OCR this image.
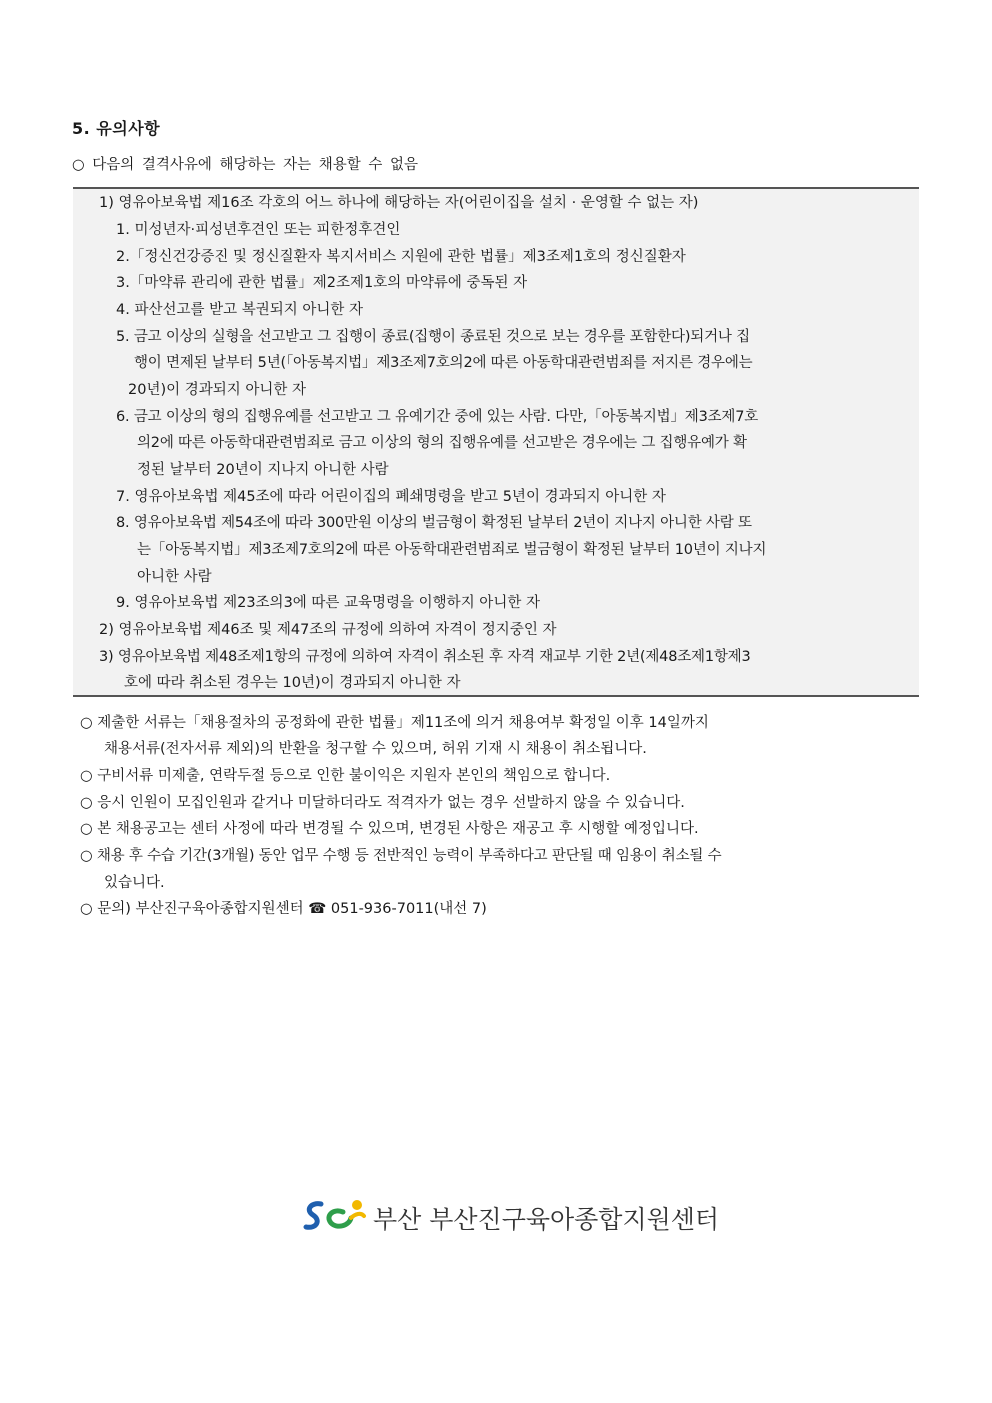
5. 유의사항
○ 다음의 결격사유에 해당하는 자는 채용할 수 없음
1) 영유아보육법 제16조 각호의 어느 하나에 해당하는 자(어린이집을 설치 · 운영할 수 없는 자)
1. 미성년자·피성년후견인 또는 피한정후견인
2.「정신건강증진 및 정신질환자 복지서비스 지원에 관한 법률」제3조제1호의 정신질환자
3.「마약류 관리에 관한 법률」제2조제1호의 마약류에 중독된 자
4. 파산선고를 받고 복권되지 아니한 자
5. 금고 이상의 실형을 선고받고 그 집행이 종료(집행이 종료된 것으로 보는 경우를 포함한다)되거나 집
행이 면제된 날부터 5년(「아동복지법」제3조제7호의2에 따른 아동학대관련범죄를 저지른 경우에는
20년)이 경과되지 아니한 자
6. 금고 이상의 형의 집행유예를 선고받고 그 유예기간 중에 있는 사람. 다만,「아동복지법」제3조제7호
의2에 따른 아동학대관련범죄로 금고 이상의 형의 집행유예를 선고받은 경우에는 그 집행유예가 확
정된 날부터 20년이 지나지 아니한 사람
7. 영유아보육법 제45조에 따라 어린이집의 폐쇄명령을 받고 5년이 경과되지 아니한 자
8. 영유아보육법 제54조에 따라 300만원 이상의 벌금형이 확정된 날부터 2년이 지나지 아니한 사람 또
는「아동복지법」제3조제7호의2에 따른 아동학대관련범죄로 벌금형이 확정된 날부터 10년이 지나지
아니한 사람
9. 영유아보육법 제23조의3에 따른 교육명령을 이행하지 아니한 자
2) 영유아보육법 제46조 및 제47조의 규정에 의하여 자격이 정지중인 자
3) 영유아보육법 제48조제1항의 규정에 의하여 자격이 취소된 후 자격 재교부 기한 2년(제48조제1항제3
호에 따라 취소된 경우는 10년)이 경과되지 아니한 자
○ 제출한 서류는「채용절차의 공정화에 관한 법률」제11조에 의거 채용여부 확정일 이후 14일까지
채용서류(전자서류 제외)의 반환을 청구할 수 있으며, 허위 기재 시 채용이 취소됩니다.
○ 구비서류 미제출, 연락두절 등으로 인한 불이익은 지원자 본인의 책임으로 합니다.
○ 응시 인원이 모집인원과 같거나 미달하더라도 적격자가 없는 경우 선발하지 않을 수 있습니다.
○ 본 채용공고는 센터 사정에 따라 변경될 수 있으며, 변경된 사항은 재공고 후 시행할 예정입니다.
○ 채용 후 수습 기간(3개월) 동안 업무 수행 등 전반적인 능력이 부족하다고 판단될 때 임용이 취소될 수
있습니다.
○ 문의) 부산진구육아종합지원센터 ☎ 051-936-7011(내선 7)
부산 부산진구육아종합지원센터
